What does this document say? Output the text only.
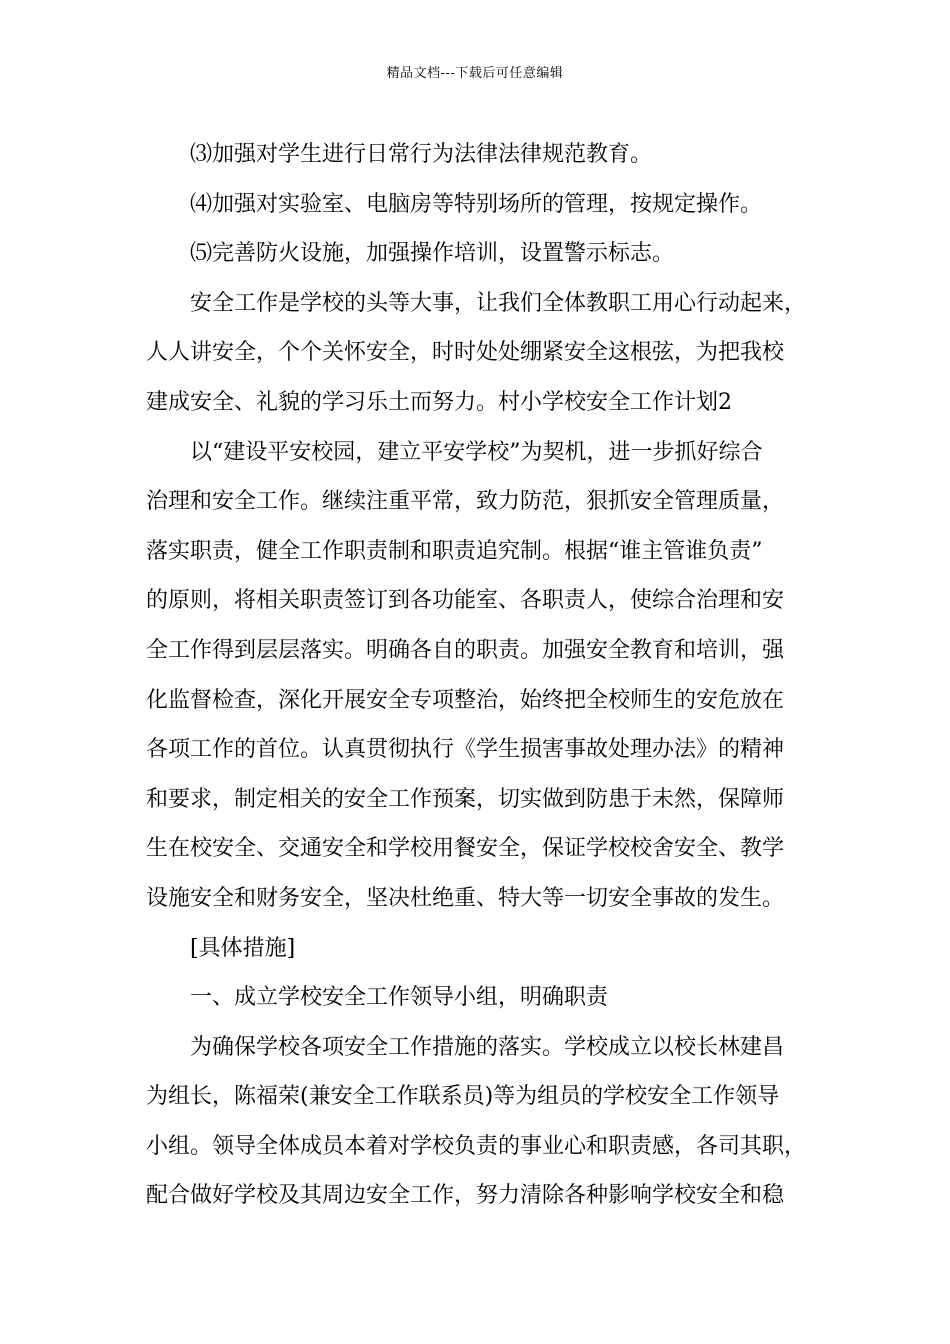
精品文档---下载后可任意编辑

⑶加强对学生进行日常行为法律法律规范教育。

⑷加强对实验室、电脑房等特别场所的管理，按规定操作。

⑸完善防火设施，加强操作培训，设置警示标志。

安全工作是学校的头等大事，让我们全体教职工用心行动起来，
人人讲安全，个个关怀安全，时时处处绷紧安全这根弦，为把我校
建成安全、礼貌的学习乐土而努力。村小学校安全工作计划2

以“建设平安校园，建立平安学校”为契机，进一步抓好综合
治理和安全工作。继续注重平常，致力防范，狠抓安全管理质量，
落实职责，健全工作职责制和职责追究制。根据“谁主管谁负责”
的原则，将相关职责签订到各功能室、各职责人，使综合治理和安
全工作得到层层落实。明确各自的职责。加强安全教育和培训，强
化监督检查，深化开展安全专项整治，始终把全校师生的安危放在
各项工作的首位。认真贯彻执行《学生损害事故处理办法》的精神
和要求，制定相关的安全工作预案，切实做到防患于未然，保障师
生在校安全、交通安全和学校用餐安全，保证学校校舍安全、教学
设施安全和财务安全，坚决杜绝重、特大等一切安全事故的发生。

[具体措施]

一、成立学校安全工作领导小组，明确职责

为确保学校各项安全工作措施的落实。学校成立以校长林建昌
为组长，陈福荣(兼安全工作联系员)等为组员的学校安全工作领导
小组。领导全体成员本着对学校负责的事业心和职责感，各司其职，
配合做好学校及其周边安全工作，努力清除各种影响学校安全和稳
